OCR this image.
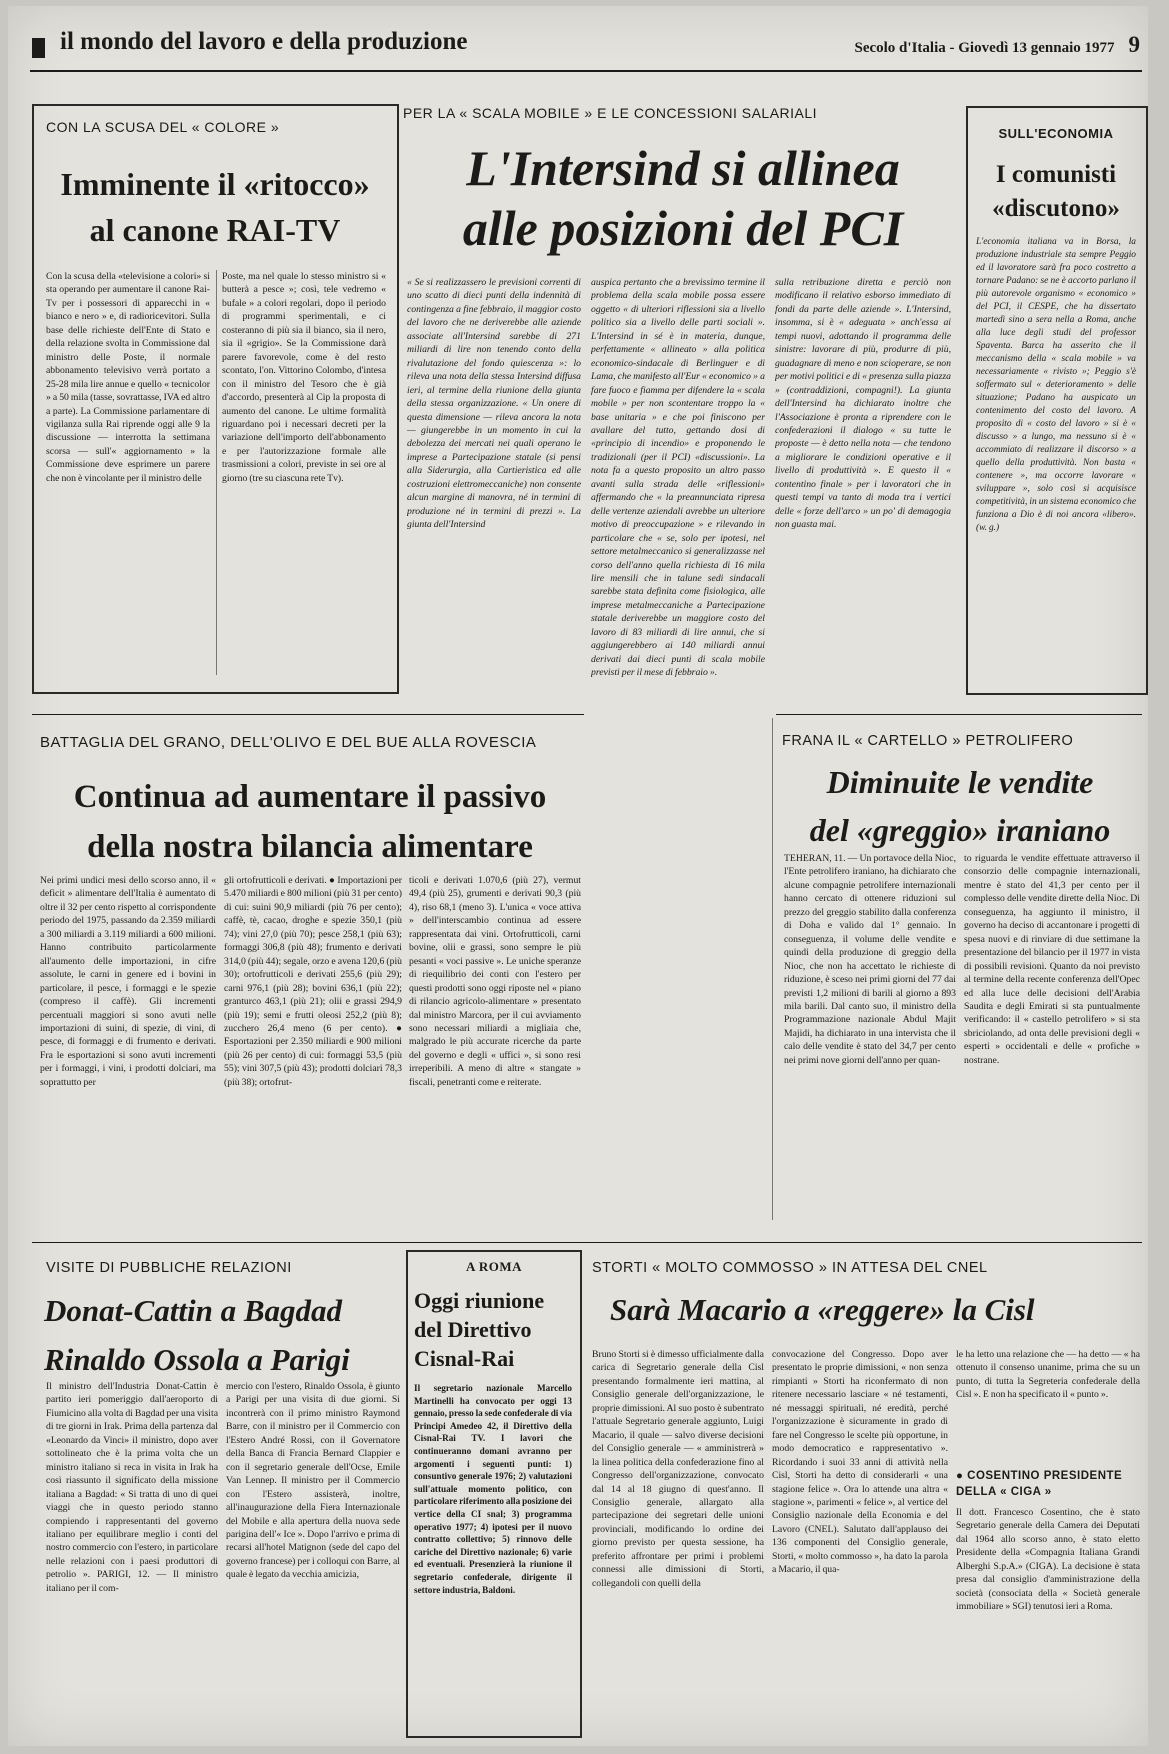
il mondo del lavoro e della produzione	Secolo d'Italia - Giovedì 13 gennaio 1977 9
CON LA SCUSA DEL « COLORE »
Imminente il «ritocco»
al canone RAI-TV
Con la scusa della «televisione a colori» si sta operando per aumentare il canone Rai-Tv per i possessori di apparecchi in « bianco e nero » e, di radioricevitori. Sulla base delle richieste dell'Ente di Stato e della relazione svolta in Commissione dal ministro delle Poste, il normale abbonamento televisivo verrà portato a 25-28 mila lire annue e quello « tecnicolor » a 50 mila (tasse, sovrattasse, IVA ed altro a parte). La Commissione parlamentare di vigilanza sulla Rai riprende oggi alle 9 la discussione — interrotta la settimana scorsa — sull'« aggiornamento » la Commissione deve esprimere un parere che non è vincolante per il ministro delle
Poste, ma nel quale lo stesso ministro si « butterà a pesce »; così, tele vedremo « bufale » a colori regolari, dopo il periodo di programmi sperimentali, e ci costeranno di più sia il bianco, sia il nero, sia il «grigio». Se la Commissione darà parere favorevole, come è del resto scontato, l'on. Vittorino Colombo, d'intesa con il ministro del Tesoro che è già d'accordo, presenterà al Cip la proposta di aumento del canone. Le ultime formalità riguardano poi i necessari decreti per la variazione dell'importo dell'abbonamento e per l'autorizzazione formale alle trasmissioni a colori, previste in sei ore al giorno (tre su ciascuna rete Tv).
PER LA « SCALA MOBILE » E LE CONCESSIONI SALARIALI
L'Intersind si allinea
alle posizioni del PCI
« Se si realizzassero le previsioni correnti di uno scatto di dieci punti della indennità di contingenza a fine febbraio, il maggior costo del lavoro che ne deriverebbe alle aziende associate all'Intersind sarebbe di 271 miliardi di lire non tenendo conto della rivalutazione del fondo quiescenza »: lo rileva una nota della stessa Intersind diffusa ieri, al termine della riunione della giunta della stessa organizzazione. « Un onere di questa dimensione — rileva ancora la nota — giungerebbe in un momento in cui la debolezza dei mercati nei quali operano le imprese a Partecipazione statale (si pensi alla Siderurgia, alla Cartieristica ed alle costruzioni elettromeccaniche) non consente alcun margine di manovra, né in termini di produzione né in termini di prezzi ». La giunta dell'Intersind
auspica pertanto che a brevissimo termine il problema della scala mobile possa essere oggetto « di ulteriori riflessioni sia a livello politico sia a livello delle parti sociali ». L'Intersind in sé è in materia, dunque, perfettamente « allineato » alla politica economico-sindacale di Berlinguer e di Lama, che manifesto all'Eur « economico » a fare fuoco e fiamma per difendere la « scala mobile » per non scontentare troppo la « base unitaria » e che poi finiscono per avallare del tutto, gettando dosi di «principio di incendio» e proponendo le tradizionali (per il PCI) «discussioni». La nota fa a questo proposito un altro passo avanti sulla strada delle «riflessioni» affermando che « la preannunciata ripresa delle vertenze aziendali avrebbe un ulteriore motivo di preoccupazione » e rilevando in particolare che « se, solo per ipotesi, nel settore metalmeccanico si generalizzasse nel corso dell'anno quella richiesta di 16 mila lire mensili che in talune sedi sindacali sarebbe stata definita come fisiologica, alle imprese metalmeccaniche a Partecipazione statale deriverebbe un maggiore costo del lavoro di 83 miliardi di lire annui, che si aggiungerebbero ai 140 miliardi annui derivati dai dieci punti di scala mobile previsti per il mese di febbraio ».
sulla retribuzione diretta e perciò non modificano il relativo esborso immediato di fondi da parte delle aziende ». L'Intersind, insomma, si è « adeguata » anch'essa ai tempi nuovi, adottando il programma delle sinistre: lavorare di più, produrre di più, guadagnare di meno e non scioperare, se non per motivi politici e di « presenza sulla piazza » (contraddizioni, compagni!). La giunta dell'Intersind ha dichiarato inoltre che l'Associazione è pronta a riprendere con le confederazioni il dialogo « su tutte le proposte — è detto nella nota — che tendono a migliorare le condizioni operative e il livello di produttività ». E questo il « contentino finale » per i lavoratori che in questi tempi va tanto di moda tra i vertici delle « forze dell'arco » un po' di demagogia non guasta mai.
SULL'ECONOMIA
I comunisti
«discutono»
L'economia italiana va in Borsa, la produzione industriale sta sempre Peggio ed il lavoratore sarà fra poco costretto a tornare Padano: se ne è accorto parlano il più autorevole organismo « economico » del PCI, il CESPE, che ha dissertato martedì sino a sera nella a Roma, anche alla luce degli studi del professor Spaventa. Barca ha asserito che il meccanismo della « scala mobile » va necessariamente « rivisto »; Peggio s'è soffermato sul « deterioramento » delle situazione; Padano ha auspicato un contenimento del costo del lavoro. A proposito di « costo del lavoro » si è « discusso » a lungo, ma nessuno si è « accommiato di realizzare il discorso » a quello della produttività. Non basta « contenere », ma occorre lavorare « sviluppare », solo così si acquisisce competitività, in un sistema economico che funziona a Dio è di noi ancora «libero». (w. g.)
BATTAGLIA DEL GRANO, DELL'OLIVO E DEL BUE ALLA ROVESCIA
Continua ad aumentare il passivo
della nostra bilancia alimentare
Nei primi undici mesi dello scorso anno, il « deficit » alimentare dell'Italia è aumentato di oltre il 32 per cento rispetto al corrispondente periodo del 1975, passando da 2.359 miliardi a 300 miliardi a 3.119 miliardi a 600 milioni. Hanno contribuito particolarmente all'aumento delle importazioni, in cifre assolute, le carni in genere ed i bovini in particolare, il pesce, i formaggi e le spezie (compreso il caffè). Gli incrementi percentuali maggiori si sono avuti nelle importazioni di suini, di spezie, di vini, di pesce, di formaggi e di frumento e derivati. Fra le esportazioni si sono avuti incrementi per i formaggi, i vini, i prodotti dolciari, ma soprattutto per
gli ortofrutticoli e derivati. ● Importazioni per 5.470 miliardi e 800 milioni (più 31 per cento) di cui: suini 90,9 miliardi (più 76 per cento); caffè, tè, cacao, droghe e spezie 350,1 (più 74); vini 27,0 (più 70); pesce 258,1 (più 63); formaggi 306,8 (più 48); frumento e derivati 314,0 (più 44); segale, orzo e avena 120,6 (più 30); ortofrutticoli e derivati 255,6 (più 29); carni 976,1 (più 28); bovini 636,1 (più 22); granturco 463,1 (più 21); olii e grassi 294,9 (più 19); semi e frutti oleosi 252,2 (più 8); zucchero 26,4 meno (6 per cento). ● Esportazioni per 2.350 miliardi e 900 milioni (più 26 per cento) di cui: formaggi 53,5 (più 55); vini 307,5 (più 43); prodotti dolciari 78,3 (più 38); ortofrut-
ticoli e derivati 1.070,6 (più 27), vermut 49,4 (più 25), grumenti e derivati 90,3 (più 4), riso 68,1 (meno 3). L'unica « voce attiva » dell'interscambio continua ad essere rappresentata dai vini. Ortofrutticoli, carni bovine, olii e grassi, sono sempre le più pesanti « voci passive ». Le uniche speranze di riequilibrio dei conti con l'estero per questi prodotti sono oggi riposte nel « piano di rilancio agricolo-alimentare » presentato dal ministro Marcora, per il cui avviamento sono necessari miliardi a migliaia che, malgrado le più accurate ricerche da parte del governo e degli « uffici », si sono resi irreperibili. A meno di altre « stangate » fiscali, penetranti come e reiterate.
FRANA IL « CARTELLO » PETROLIFERO
Diminuite le vendite
del «greggio» iraniano
TEHERAN, 11. — Un portavoce della Nioc, l'Ente petrolifero iraniano, ha dichiarato che alcune compagnie petrolifere internazionali hanno cercato di ottenere riduzioni sul prezzo del greggio stabilito dalla conferenza di Doha e valido dal 1° gennaio. In conseguenza, il volume delle vendite e quindi della produzione di greggio della Nioc, che non ha accettato le richieste di riduzione, è sceso nei primi giorni del 77 dai previsti 1,2 milioni di barili al giorno a 893 mila barili. Dal canto suo, il ministro della Programmazione nazionale Abdul Majit Majidi, ha dichiarato in una intervista che il calo delle vendite è stato del 34,7 per cento nei primi nove giorni dell'anno per quan-
to riguarda le vendite effettuate attraverso il consorzio delle compagnie internazionali, mentre è stato del 41,3 per cento per il complesso delle vendite dirette della Nioc. Di conseguenza, ha aggiunto il ministro, il governo ha deciso di accantonare i progetti di spesa nuovi e di rinviare di due settimane la presentazione del bilancio per il 1977 in vista di possibili revisioni. Quanto da noi previsto al termine della recente conferenza dell'Opec ed alla luce delle decisioni dell'Arabia Saudita e degli Emirati si sta puntualmente verificando: il « castello petrolifero » si sta sbriciolando, ad onta delle previsioni degli « esperti » occidentali e delle « profiche » nostrane.
VISITE DI PUBBLICHE RELAZIONI
Donat-Cattin a Bagdad
Rinaldo Ossola a Parigi
Il ministro dell'Industria Donat-Cattin è partito ieri pomeriggio dall'aeroporto di Fiumicino alla volta di Bagdad per una visita di tre giorni in Irak. Prima della partenza dal «Leonardo da Vinci» il ministro, dopo aver sottolineato che è la prima volta che un ministro italiano si reca in visita in Irak ha così riassunto il significato della missione italiana a Bagdad: « Si tratta di uno di quei viaggi che in questo periodo stanno compiendo i rappresentanti del governo italiano per equilibrare meglio i conti del nostro commercio con l'estero, in particolare nelle relazioni con i paesi produttori di petrolio ». PARIGI, 12. — Il ministro italiano per il com-
mercio con l'estero, Rinaldo Ossola, è giunto a Parigi per una visita di due giorni. Si incontrerà con il primo ministro Raymond Barre, con il ministro per il Commercio con l'Estero André Rossi, con il Governatore della Banca di Francia Bernard Clappier e con il segretario generale dell'Ocse, Emile Van Lennep. Il ministro per il Commercio con l'Estero assisterà, inoltre, all'inaugurazione della Fiera Internazionale del Mobile e alla apertura della nuova sede parigina dell'« Ice ». Dopo l'arrivo e prima di recarsi all'hotel Matignon (sede del capo del governo francese) per i colloqui con Barre, al quale è legato da vecchia amicizia,
A ROMA
Oggi riunione
del Direttivo
Cisnal-Rai
Il segretario nazionale Marcello Martinelli ha convocato per oggi 13 gennaio, presso la sede confederale di via Principi Amedeo 42, il Direttivo della Cisnal-Rai TV. I lavori che continueranno domani avranno per argomenti i seguenti punti: 1) consuntivo generale 1976; 2) valutazioni sull'attuale momento politico, con particolare riferimento alla posizione dei vertice della CI snal; 3) programma operativo 1977; 4) ipotesi per il nuovo contratto collettivo; 5) rinnovo delle cariche del Direttivo nazionale; 6) varie ed eventuali. Presenzierà la riunione il segretario confederale, dirigente il settore industria, Baldoni.
STORTI « MOLTO COMMOSSO » IN ATTESA DEL CNEL
Sarà Macario a «reggere» la Cisl
Bruno Storti si è dimesso ufficialmente dalla carica di Segretario generale della Cisl presentando formalmente ieri mattina, al Consiglio generale dell'organizzazione, le proprie dimissioni. Al suo posto è subentrato l'attuale Segretario generale aggiunto, Luigi Macario, il quale — salvo diverse decisioni del Consiglio generale — « amministrerà » la linea politica della confederazione fino al Congresso dell'organizzazione, convocato dal 14 al 18 giugno di quest'anno. Il Consiglio generale, allargato alla partecipazione dei segretari delle unioni provinciali, modificando lo ordine dei giorno previsto per questa sessione, ha preferito affrontare per primi i problemi connessi alle dimissioni di Storti, collegandoli con quelli della
convocazione del Congresso. Dopo aver presentato le proprie dimissioni, « non senza rimpianti » Storti ha riconfermato di non ritenere necessario lasciare « né testamenti, né messaggi spirituali, né eredità, perché l'organizzazione è sicuramente in grado di fare nel Congresso le scelte più opportune, in modo democratico e rappresentativo ». Ricordando i suoi 33 anni di attività nella Cisl, Storti ha detto di considerarli « una stagione felice ». Ora lo attende una altra « stagione », parimenti « felice », al vertice del Consiglio nazionale della Economia e del Lavoro (CNEL). Salutato dall'applauso dei 136 componenti del Consiglio generale, Storti, « molto commosso », ha dato la parola a Macario, il qua-
le ha letto una relazione che — ha detto — « ha ottenuto il consenso unanime, prima che su un punto, di tutta la Segreteria confederale della Cisl ». E non ha specificato il « punto ».
● COSENTINO PRESIDENTE DELLA « CIGA »
Il dott. Francesco Cosentino, che è stato Segretario generale della Camera dei Deputati dal 1964 allo scorso anno, è stato eletto Presidente della «Compagnia Italiana Grandi Alberghi S.p.A.» (CIGA). La decisione è stata presa dal consiglio d'amministrazione della società (consociata della « Società generale immobiliare » SGI) tenutosi ieri a Roma.
